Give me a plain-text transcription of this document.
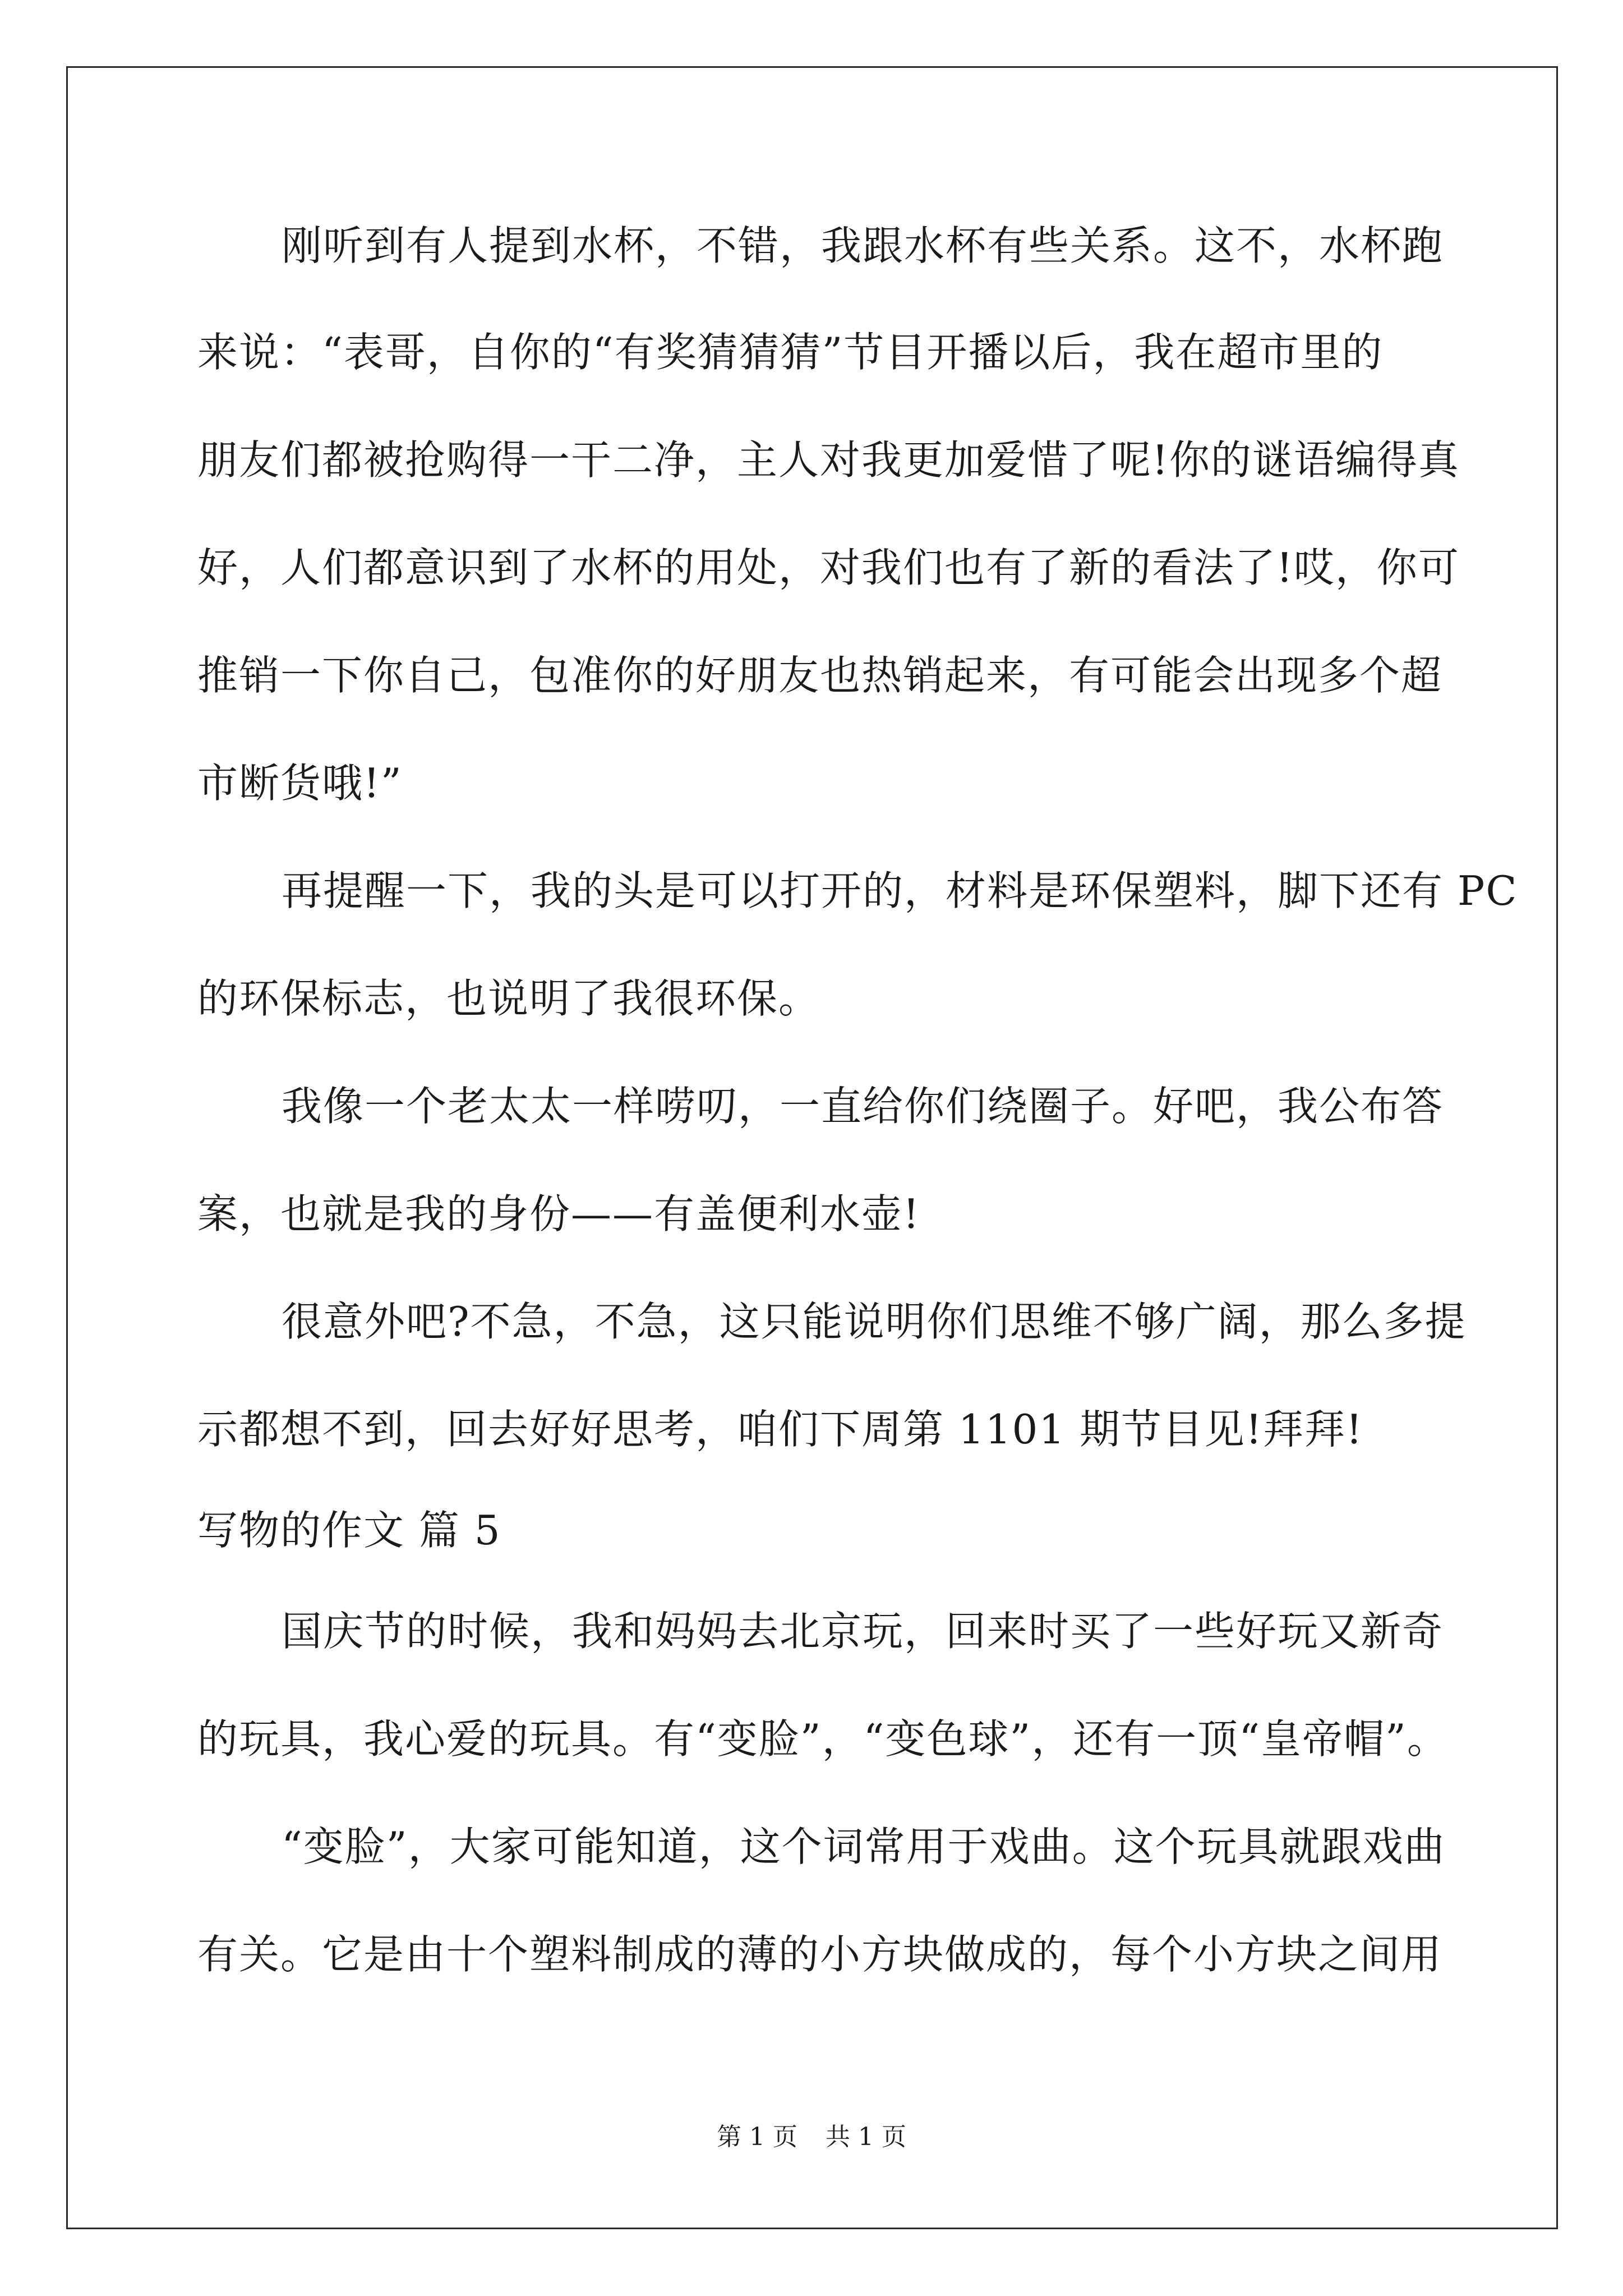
刚听到有人提到水杯，不错，我跟水杯有些关系。这不，水杯跑
来说：“表哥，自你的“有奖猜猜猜”节目开播以后，我在超市里的
朋友们都被抢购得一干二净，主人对我更加爱惜了呢!你的谜语编得真
好，人们都意识到了水杯的用处，对我们也有了新的看法了!哎，你可
推销一下你自己，包准你的好朋友也热销起来，有可能会出现多个超
市断货哦!”
再提醒一下，我的头是可以打开的，材料是环保塑料，脚下还有 PC
的环保标志，也说明了我很环保。
我像一个老太太一样唠叨，一直给你们绕圈子。好吧，我公布答
案，也就是我的身份——有盖便利水壶!
很意外吧?不急，不急，这只能说明你们思维不够广阔，那么多提
示都想不到，回去好好思考，咱们下周第 1101 期节目见!拜拜!
写物的作文 篇 5
国庆节的时候，我和妈妈去北京玩，回来时买了一些好玩又新奇
的玩具，我心爱的玩具。有“变脸”，“变色球”，还有一顶“皇帝帽”。
“变脸”，大家可能知道，这个词常用于戏曲。这个玩具就跟戏曲
有关。它是由十个塑料制成的薄的小方块做成的，每个小方块之间用
第 1 页 共 1 页
